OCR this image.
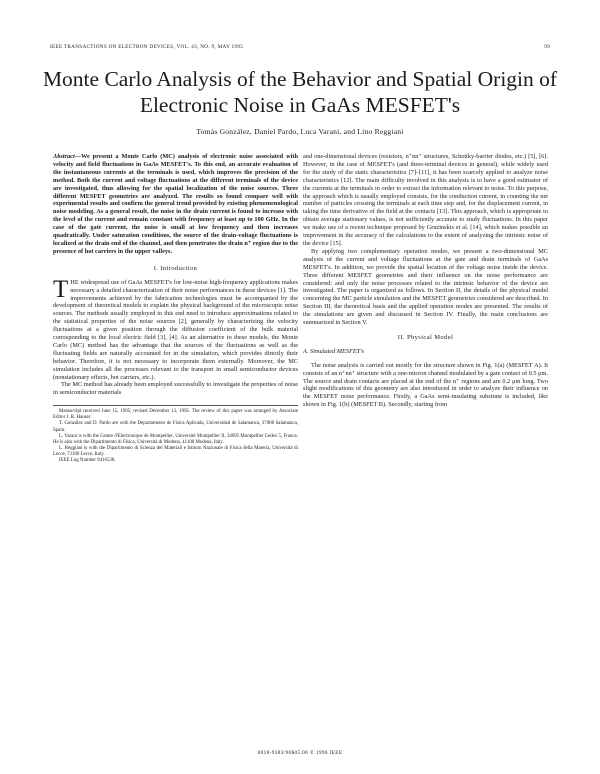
IEEE TRANSACTIONS ON ELECTRON DEVICES, VOL. 43, NO. 9, MAY 1995	99
Monte Carlo Analysis of the Behavior and Spatial Origin of Electronic Noise in GaAs MESFET's
Tomás González, Daniel Pardo, Luca Varani, and Lino Reggiani
Abstract—We present a Monte Carlo (MC) analysis of electronic noise associated with velocity and field fluctuations in GaAs MESFET's. To this end, an accurate evaluation of the instantaneous currents at the terminals is used, which improves the precision of the method. Both the current and voltage fluctuations at the different terminals of the device are investigated, thus allowing for the spatial localization of the noise sources. Three different MESFET geometries are analyzed. The results so found compare well with experimental results and confirm the general trend provided by existing phenomenological noise modeling. As a general result, the noise in the drain current is found to increase with the level of the current and remain constant with frequency at least up to 100 GHz. In the case of the gate current, the noise is small at low frequency and then increases quadratically. Under saturation conditions, the source of the drain-voltage fluctuations is localized at the drain end of the channel, and then penetrates the drain n⁺ region due to the presence of hot carriers in the upper valleys.
I. Introduction

THE widespread use of GaAs MESFET's for low-noise high-frequency applications makes necessary a detailed characterization of their noise performances in these devices [1]. The improvements achieved by the fabrication technologies must be accompanied by the development of theoretical models to explain the physical background of the microscopic noise sources. The methods usually employed to this end need to introduce approximations related to the statistical properties of the noise sources [2], generally by characterizing the velocity fluctuations at a given position through the diffusion coefficient of the bulk material corresponding to the local electric field [3], [4]. As an alternative to these models, the Monte Carlo (MC) method has the advantage that the sources of the fluctuations as well as the fluctuating fields are naturally accounted for in the simulation, which provides directly their behavior. Therefore, it is not necessary to incorporate them externally. Moreover, the MC simulation includes all the processes relevant to the transport in small semiconductor devices (nonstationary effects, hot carriers, etc.).

The MC method has already been employed successfully to investigate the properties of noise in semiconductor materials

Manuscript received June 15, 1995; revised December 13, 1995. The review of this paper was arranged by Associate Editor J. R. Hauser.

T. González and D. Pardo are with the Departamento de Física Aplicada, Universidad de Salamanca, 37008 Salamanca, Spain.

L. Varani is with the Centre d'Electronique de Montpellier, Université Montpellier II, 34095 Montpellier Cedex 5, France. He is also with the Dipartimento di Fisica, Università di Modena, 41100 Modena, Italy.

L. Reggiani is with the Dipartimento di Scienza dei Materiali e Istituto Nazionale di Fisica della Materia, Università di Lecce, 73100 Lecce, Italy.

IEEE Log Number 9416538.

and one-dimensional devices (resistors, n⁺nn⁺ structures, Schottky-barrier diodes, etc.) [5], [6]. However, in the case of MESFET's (and three-terminal devices in general), while widely used for the study of the static characteristics [7]–[11], it has been scarcely applied to analyze noise characteristics [12]. The main difficulty involved in this analysis is to have a good estimator of the currents at the terminals in order to extract the information relevant to noise. To this purpose, the approach which is usually employed consists, for the conduction current, in counting the net number of particles crossing the terminals at each time step and, for the displacement current, in taking the time derivative of the field at the contacts [13]. This approach, which is appropriate to obtain average stationary values, is not sufficiently accurate to study fluctuations. In this paper we make use of a recent technique proposed by Gruzinskis et al. [14], which makes possible an improvement in the accuracy of the calculations to the extent of analyzing the intrinsic noise of the device [15].

By applying two complementary operation modes, we present a two-dimensional MC analysis of the current and voltage fluctuations at the gate and drain terminals of GaAs MESFET's. In addition, we provide the spatial location of the voltage noise inside the device. Three different MESFET geometries and their influence on the noise performance are considered; and only the noise processes related to the intrinsic behavior of the device are investigated. The paper is organized as follows. In Section II, the details of the physical model concerning the MC particle simulation and the MESFET geometries considered are described. In Section III, the theoretical basis and the applied operation modes are presented. The results of the simulations are given and discussed in Section IV. Finally, the main conclusions are summarized in Section V.

II. Physical Model
A. Simulated MESFET's

The noise analysis is carried out mostly for the structure shown in Fig. 1(a) (MESFET A). It consists of an n⁺nn⁺ structure with a one-micron channel modulated by a gate contact of 0.5 μm. The source and drain contacts are placed at the end of the n⁺ regions and are 0.2 μm long. Two slight modifications of this geometry are also introduced in order to analyze their influence on the MESFET noise performance. Firstly, a GaAs semi-insulating substrate is included, like shown in Fig. 1(b) (MESFET B). Secondly, starting from

0018-9383/96$05.00 © 1996 IEEE
